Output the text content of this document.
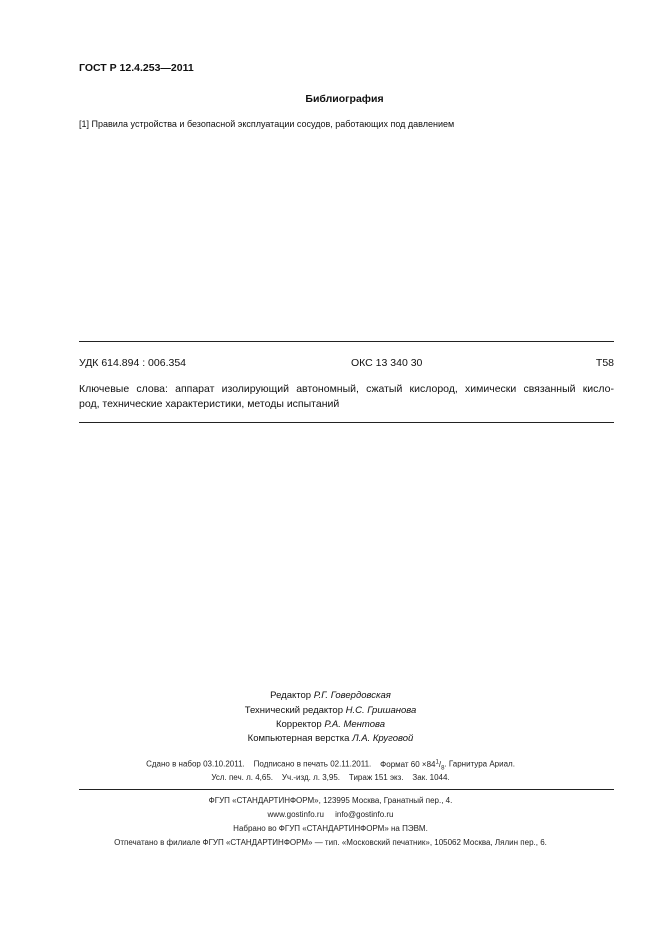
ГОСТ Р 12.4.253—2011
Библиография
[1] Правила устройства и безопасной эксплуатации сосудов, работающих под давлением
УДК 614.894 : 006.354	ОКС 13 340 30	Т58
Ключевые слова: аппарат изолирующий автономный, сжатый кислород, химически связанный кисло-
род, технические характеристики, методы испытаний
Редактор Р.Г. Говердовская
Технический редактор Н.С. Гришанова
Корректор Р.А. Ментова
Компьютерная верстка Л.А. Круговой
Сдано в набор 03.10.2011. Подписано в печать 02.11.2011. Формат $60 \times 84^1/_8$. Гарнитура Ариал.
Усл. печ. л. 4,65. Уч.-изд. л. 3,95. Тираж 151 экз. Зак. 1044.
ФГУП «СТАНДАРТИНФОРМ», 123995 Москва, Гранатный пер., 4.
www.gostinfo.ru info@gostinfo.ru
Набрано во ФГУП «СТАНДАРТИНФОРМ» на ПЭВМ.
Отпечатано в филиале ФГУП «СТАНДАРТИНФОРМ» — тип. «Московский печатник», 105062 Москва, Лялин пер., 6.
